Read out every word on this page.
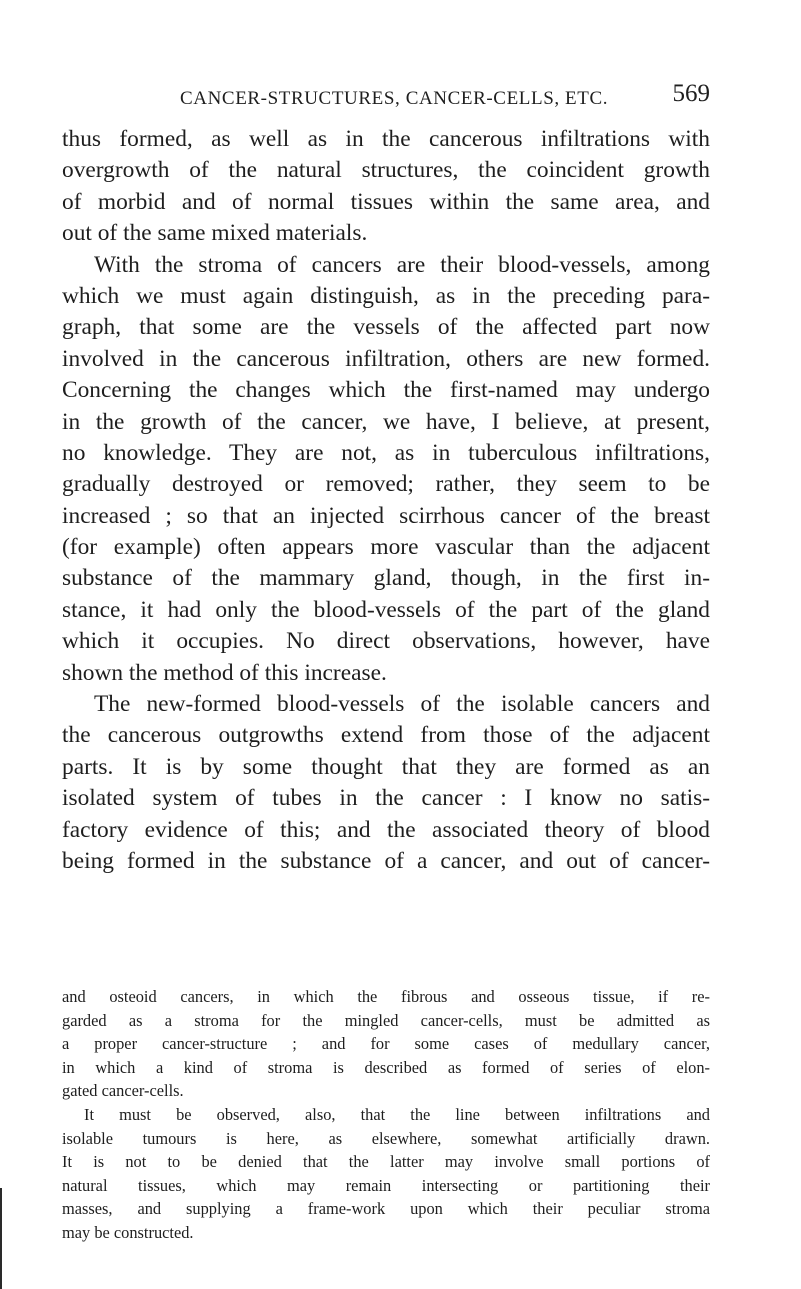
CANCER-STRUCTURES, CANCER-CELLS, ETC.	569
thus formed, as well as in the cancerous infiltrations with
overgrowth of the natural structures, the coincident growth
of morbid and of normal tissues within the same area, and
out of the same mixed materials.
With the stroma of cancers are their blood-vessels, among
which we must again distinguish, as in the preceding para-
graph, that some are the vessels of the affected part now
involved in the cancerous infiltration, others are new formed.
Concerning the changes which the first-named may undergo
in the growth of the cancer, we have, I believe, at present,
no knowledge. They are not, as in tuberculous infiltrations,
gradually destroyed or removed; rather, they seem to be
increased ; so that an injected scirrhous cancer of the breast
(for example) often appears more vascular than the adjacent
substance of the mammary gland, though, in the first in-
stance, it had only the blood-vessels of the part of the gland
which it occupies. No direct observations, however, have
shown the method of this increase.
The new-formed blood-vessels of the isolable cancers and
the cancerous outgrowths extend from those of the adjacent
parts. It is by some thought that they are formed as an
isolated system of tubes in the cancer : I know no satis-
factory evidence of this; and the associated theory of blood
being formed in the substance of a cancer, and out of cancer-
and osteoid cancers, in which the fibrous and osseous tissue, if re-
garded as a stroma for the mingled cancer-cells, must be admitted as
a proper cancer-structure ; and for some cases of medullary cancer,
in which a kind of stroma is described as formed of series of elon-
gated cancer-cells.
It must be observed, also, that the line between infiltrations and
isolable tumours is here, as elsewhere, somewhat artificially drawn.
It is not to be denied that the latter may involve small portions of
natural tissues, which may remain intersecting or partitioning their
masses, and supplying a frame-work upon which their peculiar stroma
may be constructed.
